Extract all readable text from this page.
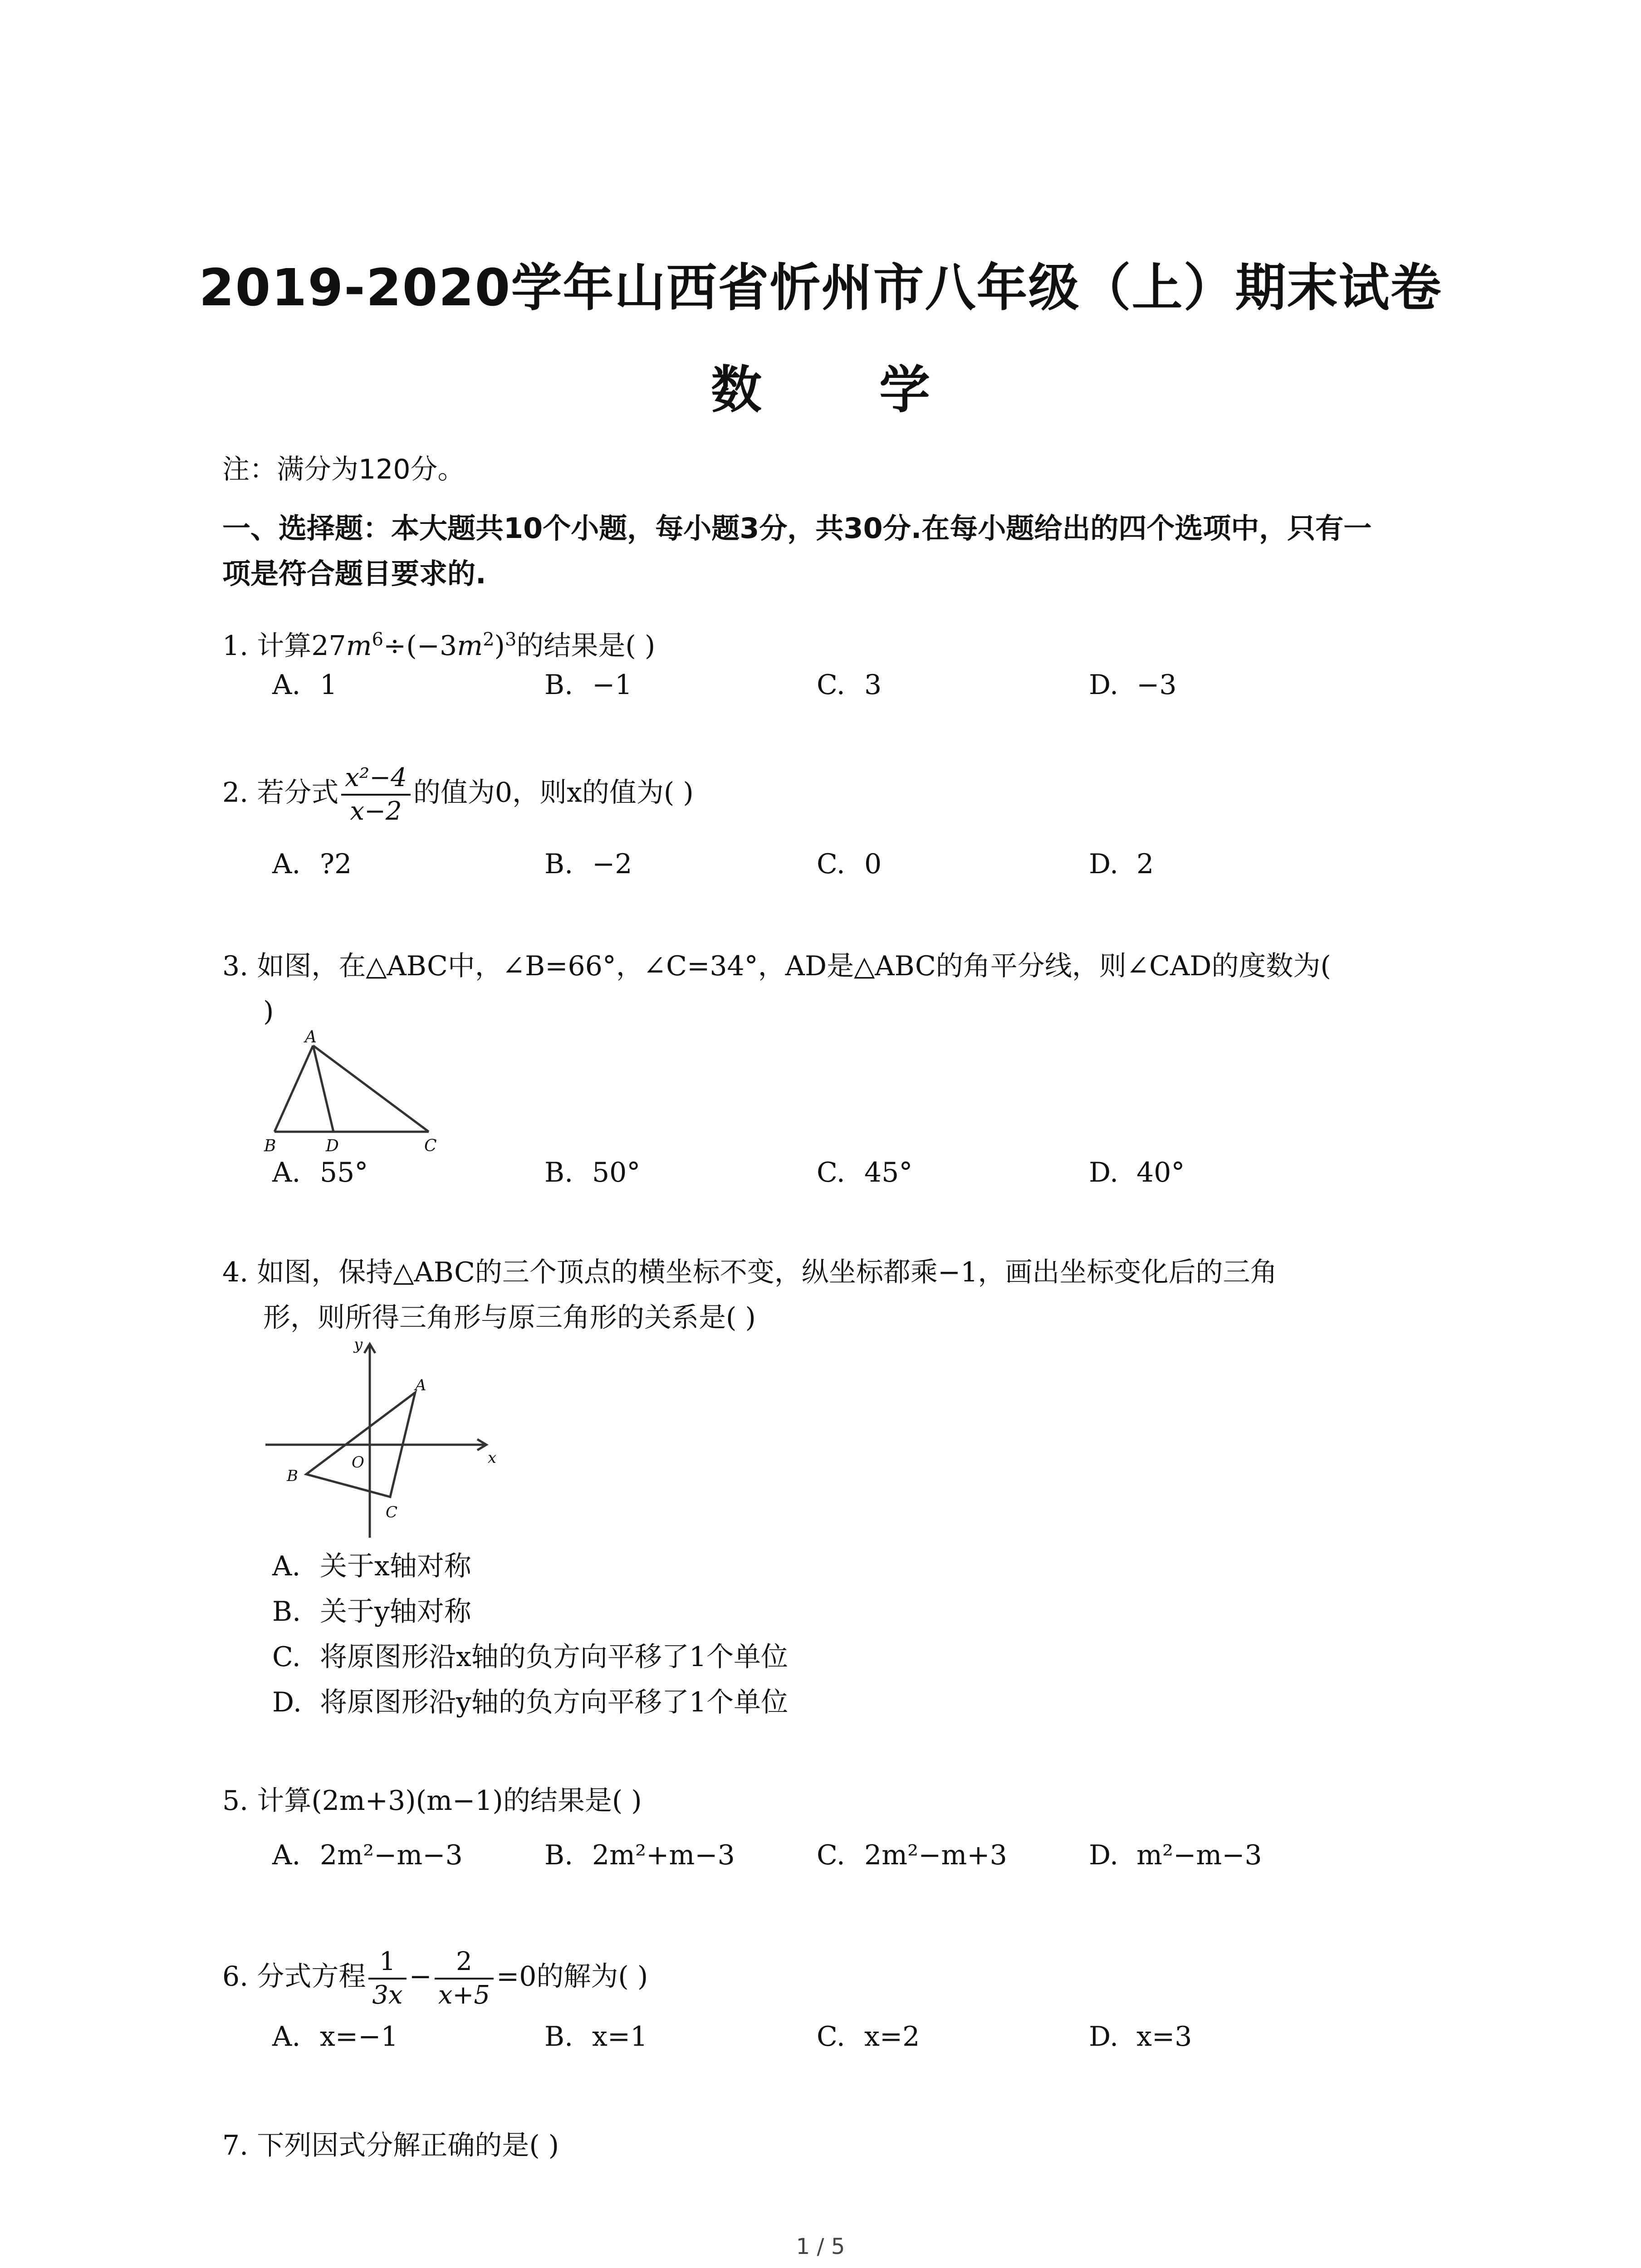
2019-2020学年山西省忻州市八年级（上）期末试卷
数 学
注：满分为120分。
一、选择题：本大题共10个小题，每小题3分，共30分.在每小题给出的四个选项中，只有一
项是符合题目要求的.
1. 计算$27m^6\div(-3m^2)^3$的结果是( )
A. 1	B. −1	C. 3	D. −3
2. 若分式 $\frac{\text{x²−4}}{x-2}$ 的值为0，则x的值为( )
A. ?2	B. −2	C. 0	D. 2
3. 如图，在△ABC中，∠B=66°，∠C=34°，AD是△ABC的角平分线，则∠CAD的度数为(
)
A
B	D	C
A. 55°	B. 50°	C. 45°	D. 40°
4. 如图，保持△ABC的三个顶点的横坐标不变，纵坐标都乘−1，画出坐标变化后的三角
形，则所得三角形与原三角形的关系是( )
y
x
A
O
B
C
A. 关于x轴对称
B. 关于y轴对称
C. 将原图形沿x轴的负方向平移了1个单位
D. 将原图形沿y轴的负方向平移了1个单位
5. 计算(2m+3)(m−1)的结果是( )
A. 2m²−m−3	B. 2m²+m−3	C. 2m²−m+3	D. m²−m−3
6. 分式方程 $\frac{1}{3x} - \frac{2}{x+5} =0$的解为( )
A. x=−1	B. x=1	C. x=2	D. x=3
7. 下列因式分解正确的是( )
1 / 5
